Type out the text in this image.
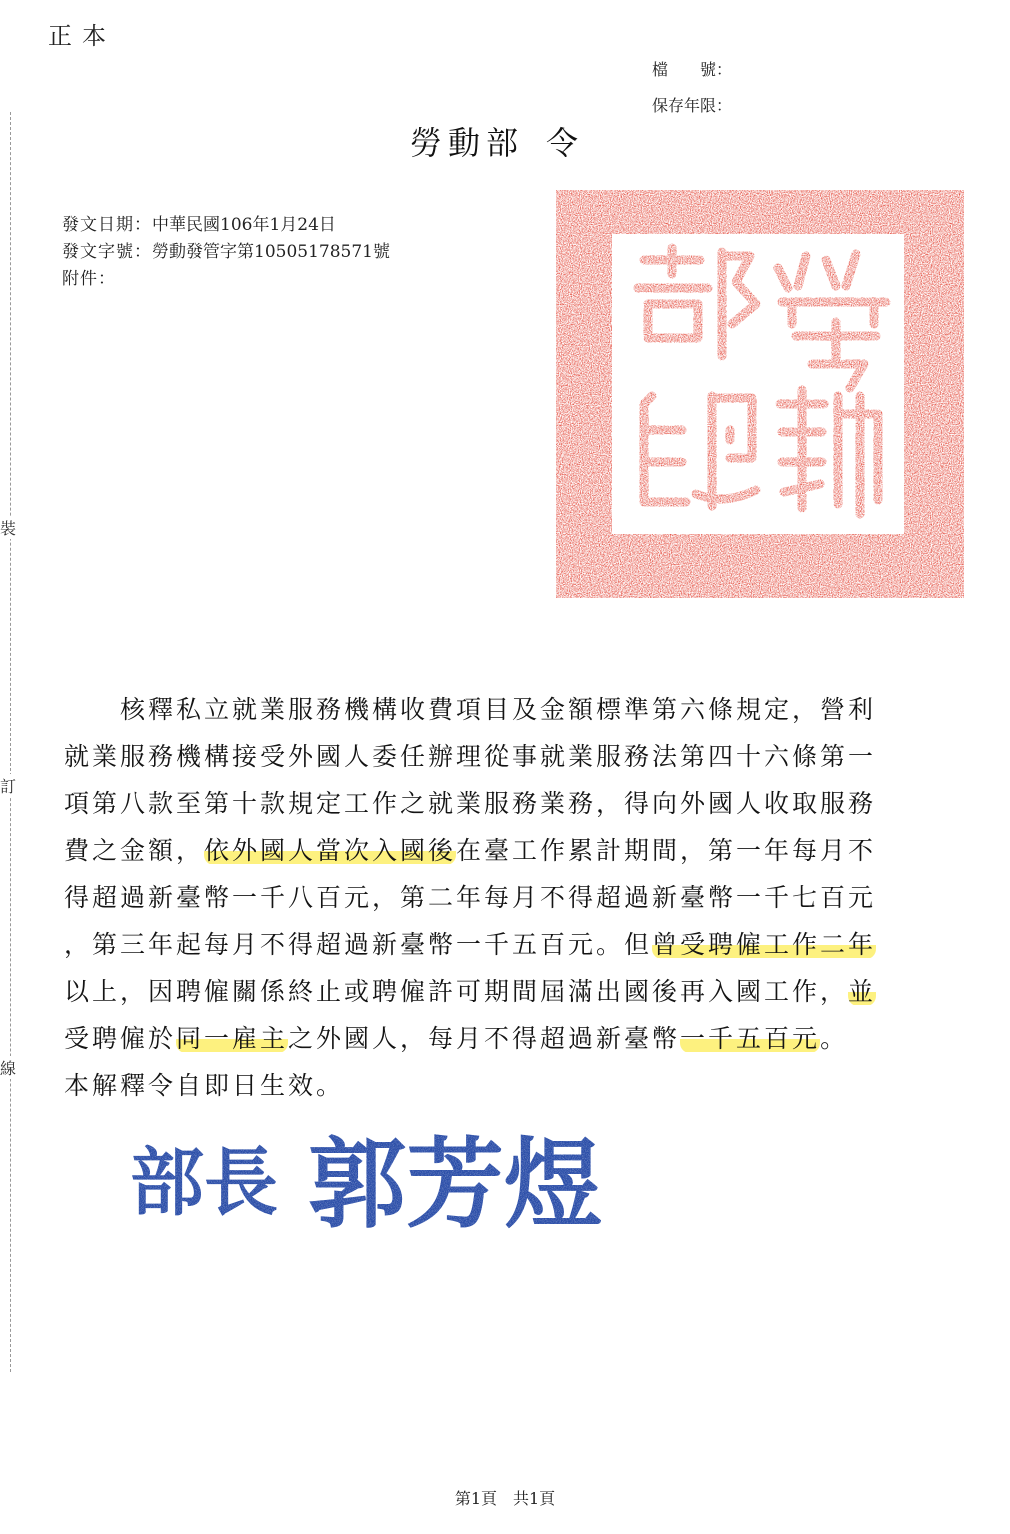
正本
裝
訂
線
檔　　號：
保存年限：
勞動部 令
發文日期：中華民國106年1月24日
發文字號：勞動發管字第10505178571號
附件：
　　核釋私立就業服務機構收費項目及金額標準第六條規定，營利
就業服務機構接受外國人委任辦理從事就業服務法第四十六條第一
項第八款至第十款規定工作之就業服務業務，得向外國人收取服務
費之金額，依外國人當次入國後在臺工作累計期間，第一年每月不
得超過新臺幣一千八百元，第二年每月不得超過新臺幣一千七百元
，第三年起每月不得超過新臺幣一千五百元。但曾受聘僱工作二年
以上，因聘僱關係終止或聘僱許可期間屆滿出國後再入國工作，並
受聘僱於同一雇主之外國人，每月不得超過新臺幣一千五百元。
本解釋令自即日生效。
部長 郭芳煜
第1頁　共1頁
